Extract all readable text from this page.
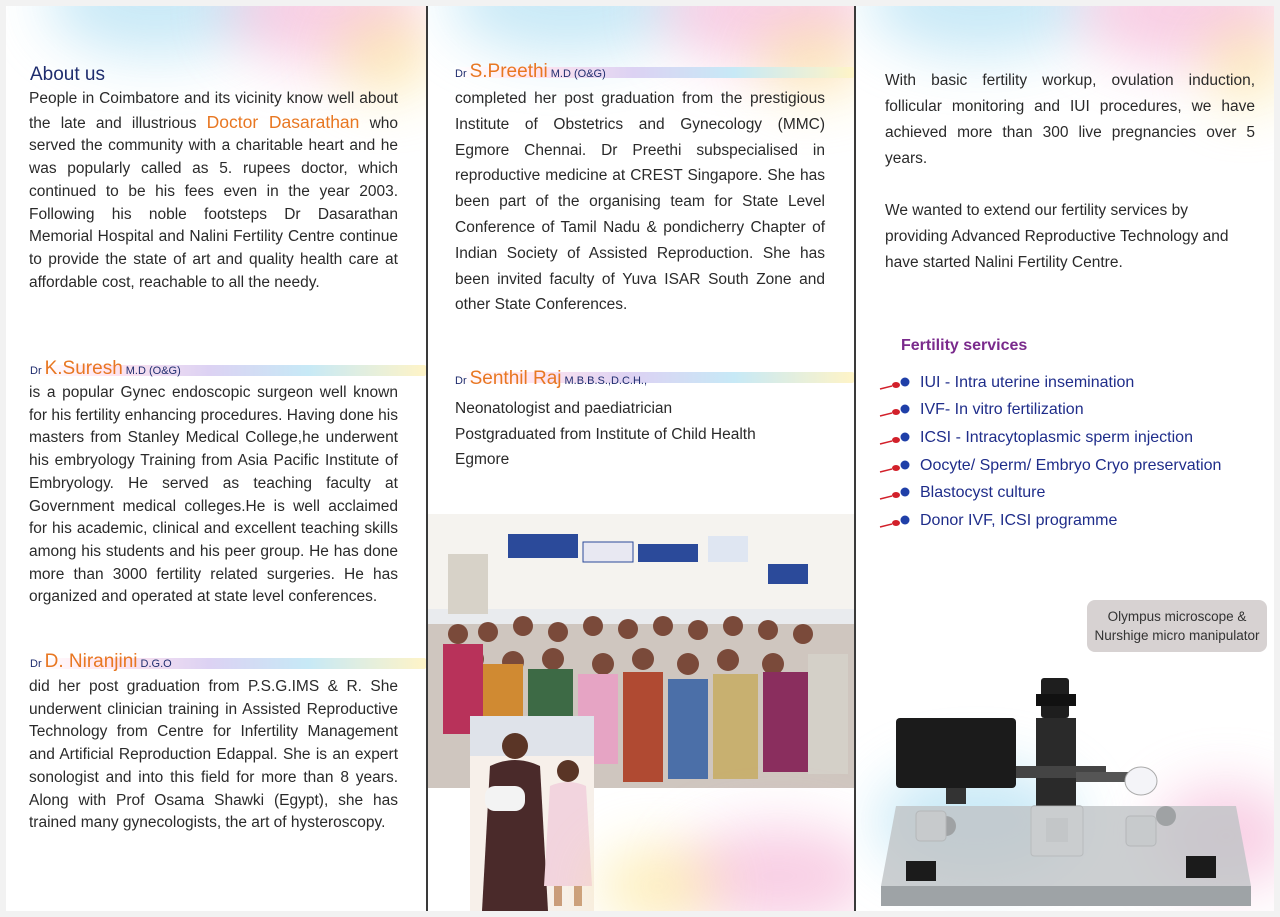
About us
People in Coimbatore and its vicinity know well about the late and illustrious Doctor Dasarathan who served the community with a charitable heart and he was popularly called as 5. rupees doctor, which continued to be his fees even in the year 2003. Following his noble footsteps Dr Dasarathan Memorial Hospital and Nalini Fertility Centre continue to provide the state of art and quality health care at affordable cost, reachable to all the needy.
Dr K.Suresh M.D (O&G)
is a popular Gynec endoscopic surgeon well known for his fertility enhancing procedures. Having done his masters from Stanley Medical College,he underwent his embryology Training from Asia Pacific Institute of Embryology. He served as teaching faculty at Government medical colleges.He is well acclaimed for his academic, clinical and excellent teaching skills among his students and his peer group. He has done more than 3000 fertility related surgeries. He has organized and operated at state level conferences.
Dr D. Niranjini D.G.O
did her post graduation from P.S.G.IMS & R. She underwent clinician training in Assisted Reproductive Technology from Centre for Infertility Management and Artificial Reproduction Edappal. She is an expert sonologist and into this field for more than 8 years. Along with Prof Osama Shawki (Egypt), she has trained many gynecologists, the art of hysteroscopy.
Dr S.Preethi M.D (O&G)
completed her post graduation from the prestigious Institute of Obstetrics and Gynecology (MMC) Egmore Chennai. Dr Preethi subspecialised in reproductive medicine at CREST Singapore. She has been part of the organising team for State Level Conference of Tamil Nadu & pondicherry Chapter of Indian Society of Assisted Reproduction. She has been invited faculty of Yuva ISAR South Zone and other State Conferences.
Dr Senthil Raj M.B.B.S.,D.C.H.,
Neonatologist and paediatrician
Postgraduated from Institute of Child Health
Egmore
With basic fertility workup, ovulation induction, follicular monitoring and IUI procedures, we have achieved more than 300 live pregnancies over 5 years.
We wanted to extend our fertility services by providing Advanced Reproductive Technology and have started Nalini Fertility Centre.
Fertility services
IUI - Intra uterine insemination
IVF- In vitro fertilization
ICSI - Intracytoplasmic sperm injection
Oocyte/ Sperm/ Embryo Cryo preservation
Blastocyst culture
Donor IVF, ICSI programme
Olympus microscope &
Nurshige micro manipulator
